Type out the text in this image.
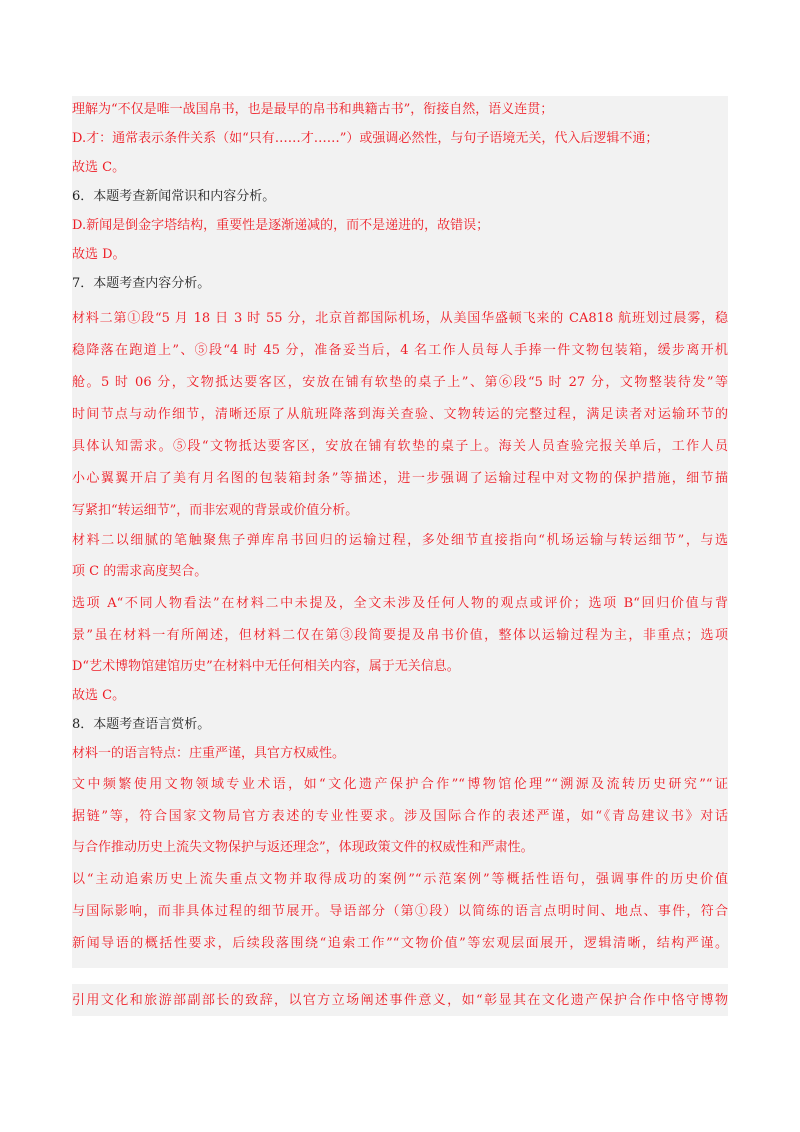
理解为“不仅是唯一战国帛书，也是最早的帛书和典籍古书”，衔接自然，语义连贯；

D.才：通常表示条件关系（如“只有……才……”）或强调必然性，与句子语境无关，代入后逻辑不通；

故选 C。

6．本题考查新闻常识和内容分析。

D.新闻是倒金字塔结构，重要性是逐渐递减的，而不是递进的，故错误；

故选 D。

7．本题考查内容分析。

材料二第①段“5 月 18 日 3 时 55 分，北京首都国际机场，从美国华盛顿飞来的 CA818 航班划过晨雾，稳

稳降落在跑道上”、⑤段“4 时 45 分，准备妥当后，4 名工作人员每人手捧一件文物包装箱，缓步离开机

舱。5 时 06 分，文物抵达要客区，安放在铺有软垫的桌子上”、第⑥段“5 时 27 分，文物整装待发”等

时间节点与动作细节，清晰还原了从航班降落到海关查验、文物转运的完整过程，满足读者对运输环节的

具体认知需求。⑤段“文物抵达要客区，安放在铺有软垫的桌子上。海关人员查验完报关单后，工作人员

小心翼翼开启了美有月名图的包装箱封条”等描述，进一步强调了运输过程中对文物的保护措施，细节描

写紧扣“转运细节”，而非宏观的背景或价值分析。

材料二以细腻的笔触聚焦子弹库帛书回归的运输过程，多处细节直接指向“机场运输与转运细节”，与选

项 C 的需求高度契合。

选项 A“不同人物看法”在材料二中未提及，全文未涉及任何人物的观点或评价；选项 B“回归价值与背

景”虽在材料一有所阐述，但材料二仅在第③段简要提及帛书价值，整体以运输过程为主，非重点；选项

D“艺术博物馆建馆历史”在材料中无任何相关内容，属于无关信息。

故选 C。

8．本题考查语言赏析。

材料一的语言特点：庄重严谨，具官方权威性。

文中频繁使用文物领域专业术语，如“文化遗产保护合作”“博物馆伦理”“溯源及流转历史研究”“证

据链”等，符合国家文物局官方表述的专业性要求。涉及国际合作的表述严谨，如“《青岛建议书》对话

与合作推动历史上流失文物保护与返还理念”，体现政策文件的权威性和严肃性。

以“主动追索历史上流失重点文物并取得成功的案例”“示范案例”等概括性语句，强调事件的历史价值

与国际影响，而非具体过程的细节展开。导语部分（第①段）以简练的语言点明时间、地点、事件，符合

新闻导语的概括性要求，后续段落围绕“追索工作”“文物价值”等宏观层面展开，逻辑清晰，结构严谨。

引用文化和旅游部副部长的致辞，以官方立场阐述事件意义，如“彰显其在文化遗产保护合作中恪守博物
